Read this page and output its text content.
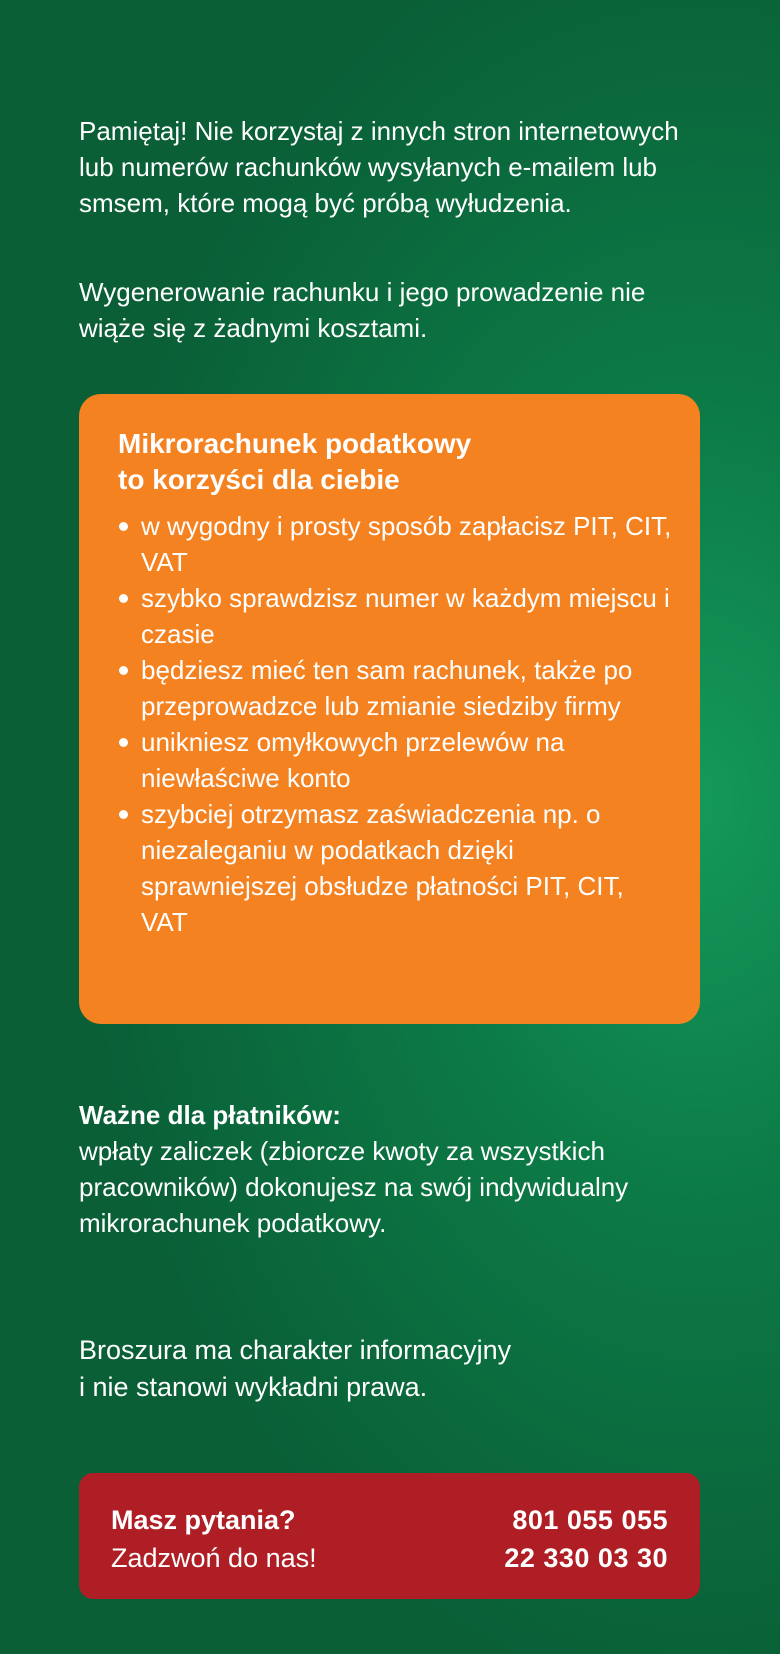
Pamiętaj! Nie korzystaj z innych stron internetowych lub numerów rachunków wysyłanych e-mailem lub smsem, które mogą być próbą wyłudzenia.

Wygenerowanie rachunku i jego prowadzenie nie wiąże się z żadnymi kosztami.

Mikrorachunek podatkowy
to korzyści dla ciebie
w wygodny i prosty sposób zapłacisz PIT, CIT, VAT
szybko sprawdzisz numer w każdym miejscu i czasie
będziesz mieć ten sam rachunek, także po przeprowadzce lub zmianie siedziby firmy
unikniesz omyłkowych przelewów na niewłaściwe konto
szybciej otrzymasz zaświadczenia np. o niezaleganiu w podatkach dzięki sprawniejszej obsłudze płatności PIT, CIT, VAT
Ważne dla płatników:
wpłaty zaliczek (zbiorcze kwoty za wszystkich pracowników) dokonujesz na swój indywidualny mikrorachunek podatkowy.
Broszura ma charakter informacyjny
i nie stanowi wykładni prawa.
Masz pytania?
Zadzwoń do nas!
801 055 055
22 330 03 30
